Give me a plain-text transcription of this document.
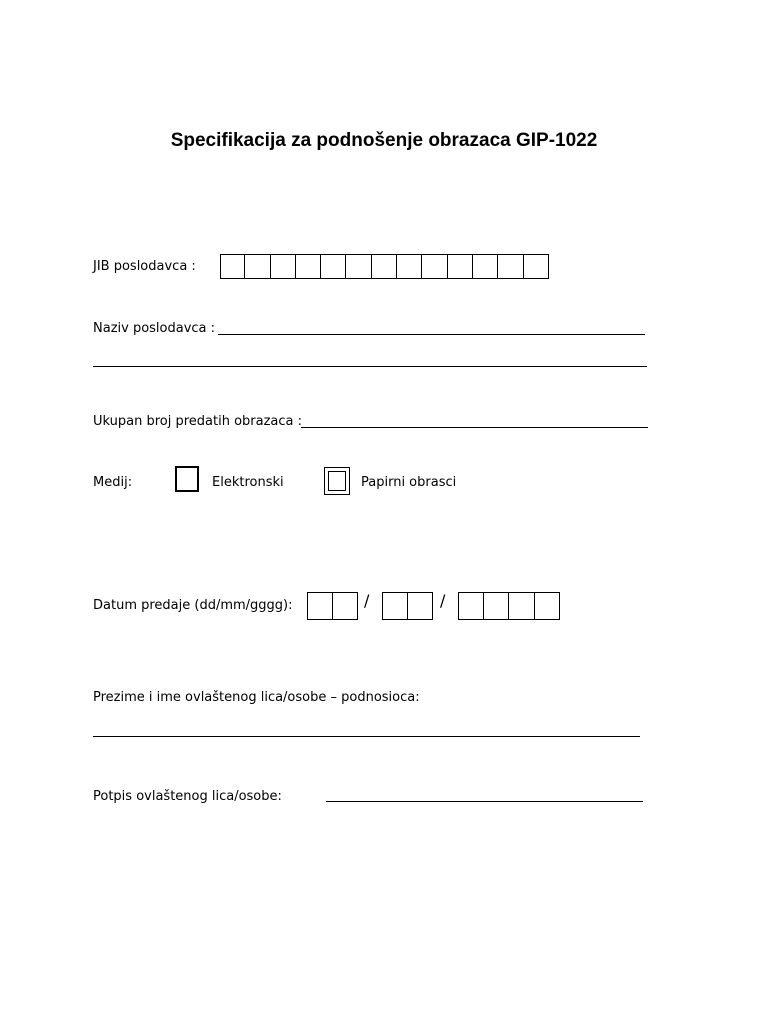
Specifikacija za podnošenje obrazaca GIP-1022
JIB poslodavca :
Naziv poslodavca :
Ukupan broj predatih obrazaca :
Medij:	Elektronski	Papirni obrasci
Datum predaje (dd/mm/gggg):	/	/
Prezime i ime ovlaštenog lica/osobe – podnosioca:
Potpis ovlaštenog lica/osobe:
